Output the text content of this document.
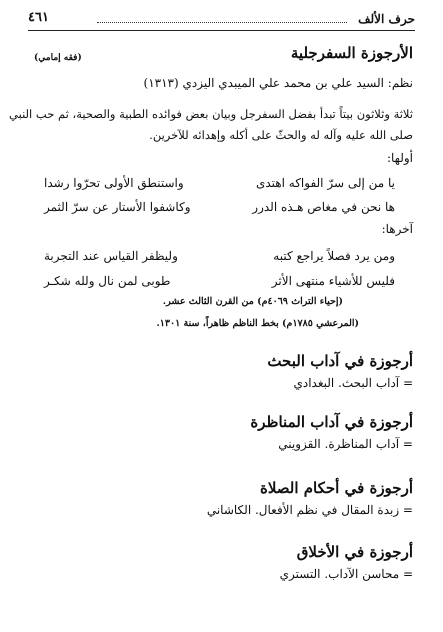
حرف الألف
٤٦١
الأرجوزة السفرجلية
(فقه إمامي)
نظم: السيد علي بن محمد علي الميبدي اليزدي (١٣١٣)
ثلاثة وثلاثون بيتاً تبدأ بفضل السفرجل وبيان بعض فوائده الطبية والصحية، ثم حب النبي
صلى الله عليه وآله له والحثّ على أكله وإهدائه للآخرين.
أولها:
يا من إلى سرّ الفواكه اهتدى
واستنطق الأولى تحرّوا رشدا
ها نحن في مغاص هـذه الدرر
وكاشفوا الأستار عن سرّ الثمر
آخرها:
ومن يرد فصلاً يراجع كتبه
وليظفر القياس عند التجربة
فليس للأشياء منتهى الأثر
طوبى لمن نال ولله شكـر
(إحياء التراث ٤٠٦٩م) من القرن الثالث عشر.
(المرعشي ١٧٨٥م) بخط الناظم ظاهراً، سنة ١٣٠١.
أرجوزة في آداب البحث
= آداب البحث. البغدادي
أرجوزة في آداب المناظرة
= آداب المناظرة. القزويني
أرجوزة في أحكام الصلاة
= زبدة المقال في نظم الأفعال. الكاشاني
أرجوزة في الأخلاق
= محاسن الآداب. التستري
